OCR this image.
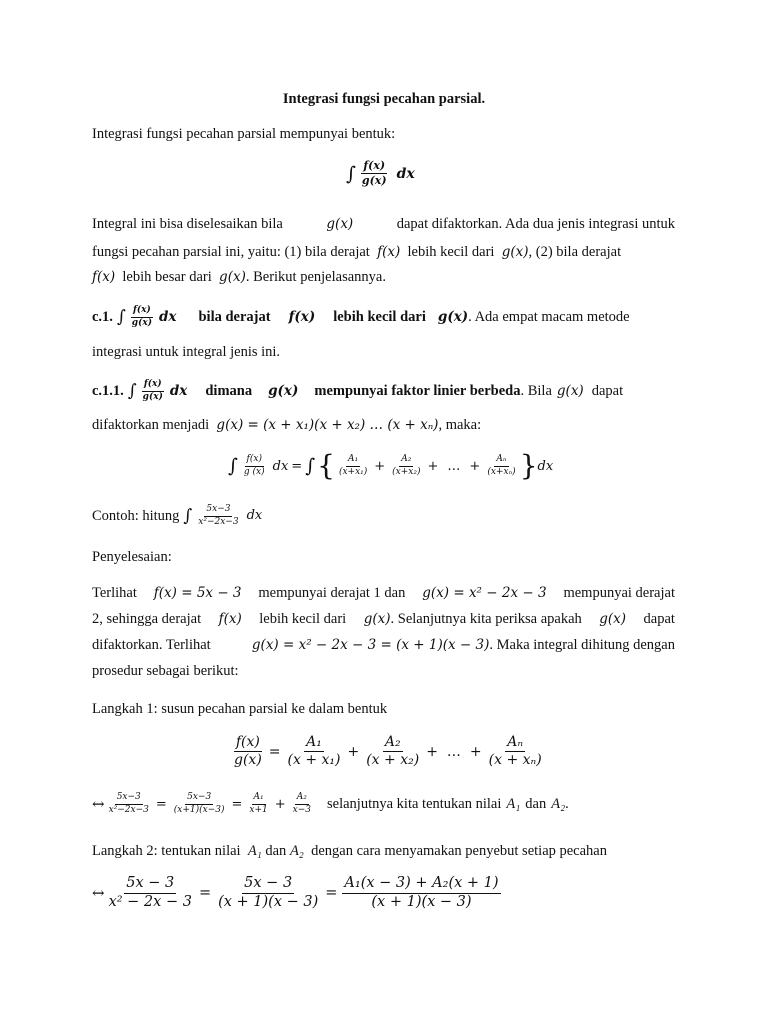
Integrasi fungsi pecahan parsial.
Integrasi fungsi pecahan parsial mempunyai bentuk:
∫ $\frac{f(x)}{g(x)}$ dx
Integral ini bisa diselesaikan bila	g(x)	dapat difaktorkan. Ada dua jenis integrasi untuk
fungsi pecahan parsial ini, yaitu: (1) bila derajat f(x) lebih kecil dari g(x), (2) bila derajat
f(x) lebih besar dari g(x). Berikut penjelasannya.
c.1. ∫ $\frac{f(x)}{g(x)}$ dx bila derajat f(x) lebih kecil dari g(x) . Ada empat macam metode
integrasi untuk integral jenis ini.
c.1.1. ∫ $\frac{f(x)}{g(x)}$ dx dimana g(x) mempunyai faktor linier berbeda . Bila g(x) dapat
difaktorkan menjadi g(x) = (x + x₁)(x + x₂) … (x + xₙ), maka:
∫ $\frac{f(x)}{g (x)}$ dx = ∫ { $\frac{\text{A₁}}{\text{(x+x₁)}} + \frac{\text{A₂}}{\text{(x+x₂)}}$ + … + $\frac{\text{Aₙ}}{\text{(x+xₙ)}}$ } dx
Contoh: hitung ∫ $\frac{5x-3}{\text{x²−2x−3}}$ dx
Penyelesaian:
Terlihat f(x) = 5x − 3 mempunyai derajat 1 dan g(x) = x² − 2x − 3 mempunyai derajat
2, sehingga derajat f(x) lebih kecil dari g(x). Selanjutnya kita periksa apakah g(x) dapat
difaktorkan. Terlihat	g(x) = x² − 2x − 3 = (x + 1)(x − 3). Maka integral dihitung dengan
prosedur sebagai berikut:
Langkah 1: susun pecahan parsial ke dalam bentuk
$\frac{f(x)}{g(x)} = \frac{\text{A₁}}{\text{(x + x₁)}} + \frac{\text{A₂}}{\text{(x + x₂)}}$ + … + $\frac{\text{Aₙ}}{\text{(x + xₙ)}}$
↔ $\frac{5x-3}{\text{x²−2x−3}} = \frac{5x-3}{(x+1)(x-3)} = \frac{\text{A₁}}{x+1} + \frac{\text{A₂}}{x-3}$ selanjutnya kita tentukan nilai A₁ dan A₂ .
Langkah 2: tentukan nilai A₁ dan A₂ dengan cara menyamakan penyebut setiap pecahan
↔ $\frac{5x - 3}{\text{x² − 2x − 3}} = \frac{5x - 3}{(x + 1)(x - 3)} = \frac{\text{A₁(x − 3) + A₂(x + 1)}}{(x + 1)(x - 3)}$
